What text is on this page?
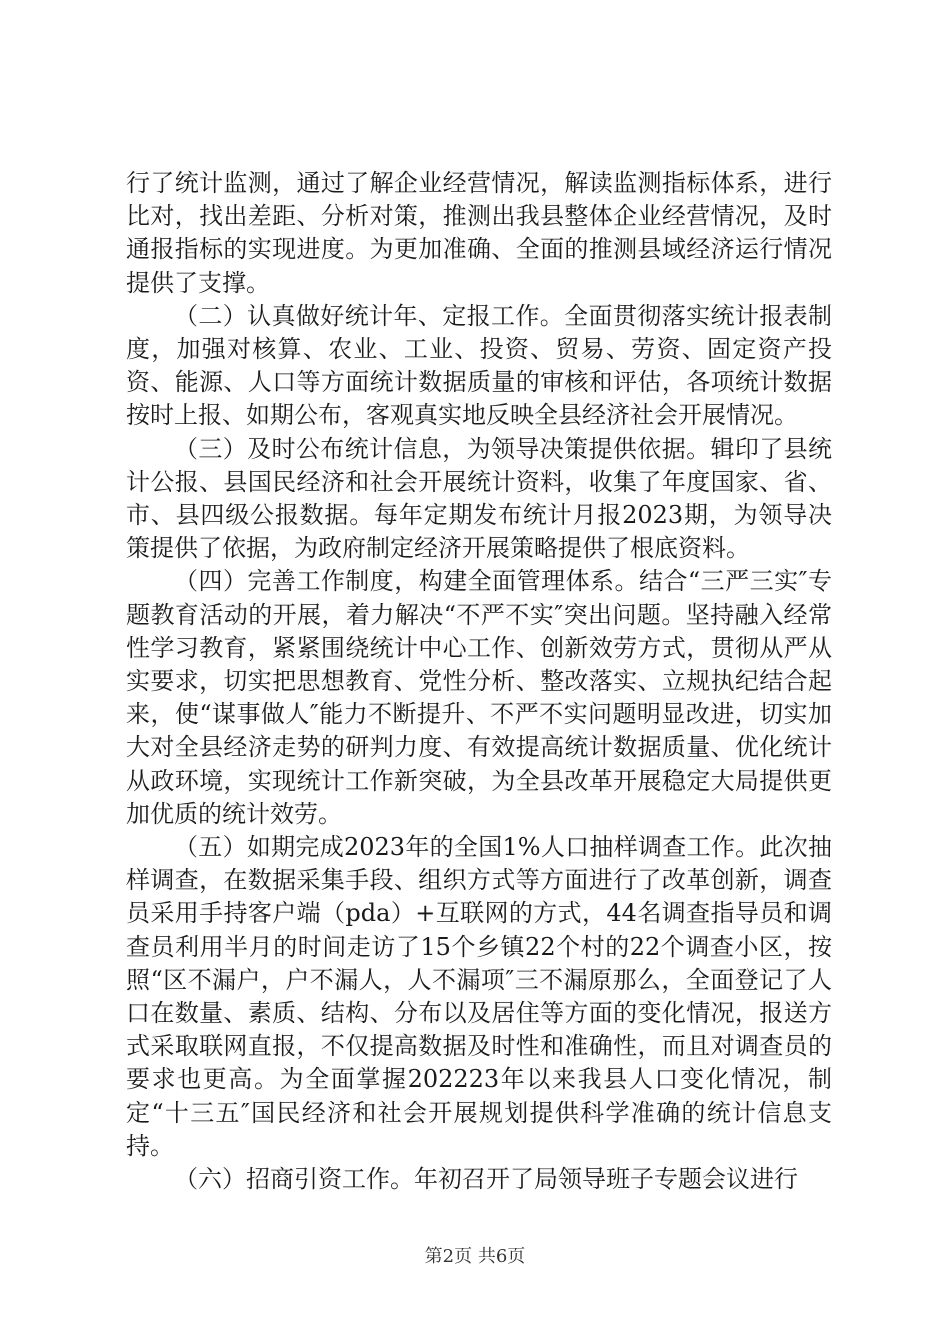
行了统计监测，通过了解企业经营情况，解读监测指标体系，进行比对，找出差距、分析对策，推测出我县整体企业经营情况，及时通报指标的实现进度。为更加准确、全面的推测县域经济运行情况提供了支撑。

（二）认真做好统计年、定报工作。全面贯彻落实统计报表制度，加强对核算、农业、工业、投资、贸易、劳资、固定资产投资、能源、人口等方面统计数据质量的审核和评估，各项统计数据按时上报、如期公布，客观真实地反映全县经济社会开展情况。

（三）及时公布统计信息，为领导决策提供依据。辑印了县统计公报、县国民经济和社会开展统计资料，收集了年度国家、省、市、县四级公报数据。每年定期发布统计月报2023期，为领导决策提供了依据，为政府制定经济开展策略提供了根底资料。

（四）完善工作制度，构建全面管理体系。结合“三严三实″专题教育活动的开展，着力解决“不严不实″突出问题。坚持融入经常性学习教育，紧紧围绕统计中心工作、创新效劳方式，贯彻从严从实要求，切实把思想教育、党性分析、整改落实、立规执纪结合起来，使“谋事做人″能力不断提升、不严不实问题明显改进，切实加大对全县经济走势的研判力度、有效提高统计数据质量、优化统计从政环境，实现统计工作新突破，为全县改革开展稳定大局提供更加优质的统计效劳。

（五）如期完成2023年的全国1%人口抽样调查工作。此次抽样调查，在数据采集手段、组织方式等方面进行了改革创新，调查员采用手持客户端（pda）+互联网的方式，44名调查指导员和调查员利用半月的时间走访了15个乡镇22个村的22个调查小区，按照“区不漏户，户不漏人，人不漏项″三不漏原那么，全面登记了人口在数量、素质、结构、分布以及居住等方面的变化情况，报送方式采取联网直报，不仅提高数据及时性和准确性，而且对调查员的要求也更高。为全面掌握202223年以来我县人口变化情况，制定“十三五″国民经济和社会开展规划提供科学准确的统计信息支持。

（六）招商引资工作。年初召开了局领导班子专题会议进行

第2页 共6页
